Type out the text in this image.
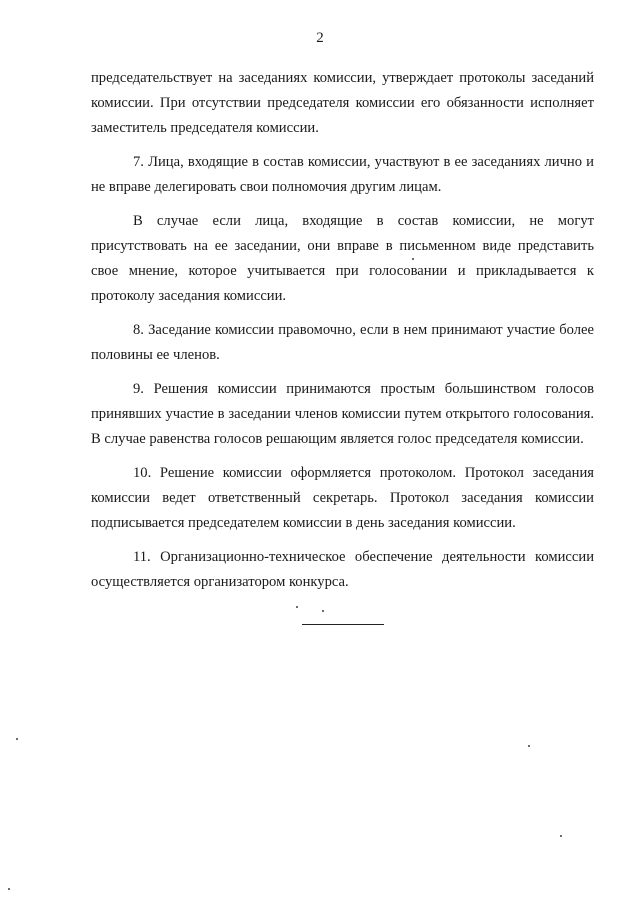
2

председательствует на заседаниях комиссии, утверждает протоколы заседаний комиссии. При отсутствии председателя комиссии его обязанности исполняет заместитель председателя комиссии.

7. Лица, входящие в состав комиссии, участвуют в ее заседаниях лично и не вправе делегировать свои полномочия другим лицам.

В случае если лица, входящие в состав комиссии, не могут присутствовать на ее заседании, они вправе в письменном виде представить свое мнение, которое учитывается при голосовании и прикладывается к протоколу заседания комиссии.

8. Заседание комиссии правомочно, если в нем принимают участие более половины ее членов.

9. Решения комиссии принимаются простым большинством голосов принявших участие в заседании членов комиссии путем открытого голосования. В случае равенства голосов решающим является голос председателя комиссии.

10. Решение комиссии оформляется протоколом. Протокол заседания комиссии ведет ответственный секретарь. Протокол заседания комиссии подписывается председателем комиссии в день заседания комиссии.

11. Организационно-техническое обеспечение деятельности комиссии осуществляется организатором конкурса.
